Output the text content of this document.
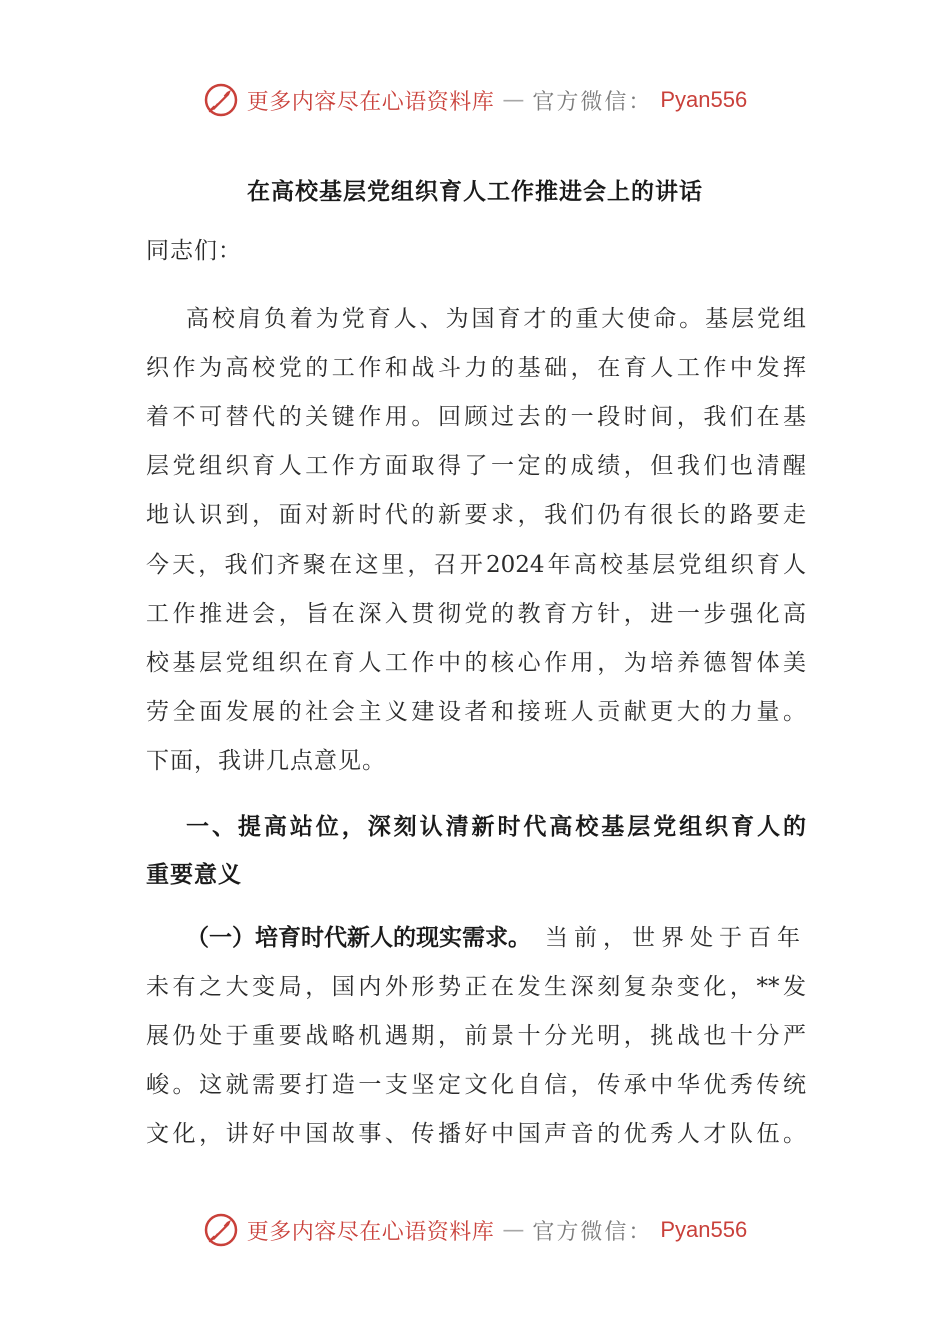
更多内容尽在心语资料库 — 官方微信： Pyan556
在高校基层党组织育人工作推进会上的讲话
同志们：
高校肩负着为党育人、为国育才的重大使命。基层党组
织作为高校党的工作和战斗力的基础，在育人工作中发挥
着不可替代的关键作用。回顾过去的一段时间，我们在基
层党组织育人工作方面取得了一定的成绩，但我们也清醒
地认识到，面对新时代的新要求，我们仍有很长的路要走
今天，我们齐聚在这里，召开2024年高校基层党组织育人
工作推进会，旨在深入贯彻党的教育方针，进一步强化高
校基层党组织在育人工作中的核心作用，为培养德智体美
劳全面发展的社会主义建设者和接班人贡献更大的力量。
下面，我讲几点意见。
一、提高站位，深刻认清新时代高校基层党组织育人的
重要意义
（一）培育时代新人的现实需求。 当前，世界处于百年
未有之大变局，国内外形势正在发生深刻复杂变化，**发
展仍处于重要战略机遇期，前景十分光明，挑战也十分严
峻。这就需要打造一支坚定文化自信，传承中华优秀传统
文化，讲好中国故事、传播好中国声音的优秀人才队伍。
更多内容尽在心语资料库 — 官方微信： Pyan556
